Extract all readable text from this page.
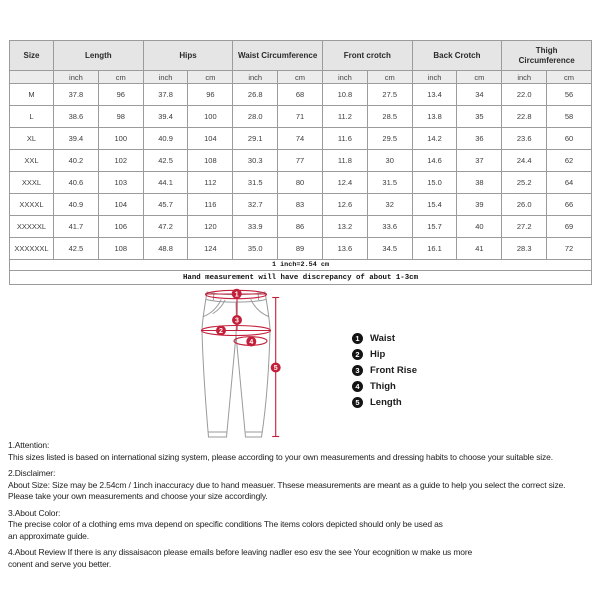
Size	Length		Hips		Waist Circumference		Front crotch		Back Crotch		Thigh Circumference	
	inch	cm	inch	cm	inch	cm	inch	cm	inch	cm	inch	cm
M	37.8	96	37.8	96	26.8	68	10.8	27.5	13.4	34	22.0	56
L	38.6	98	39.4	100	28.0	71	11.2	28.5	13.8	35	22.8	58
XL	39.4	100	40.9	104	29.1	74	11.6	29.5	14.2	36	23.6	60
XXL	40.2	102	42.5	108	30.3	77	11.8	30	14.6	37	24.4	62
XXXL	40.6	103	44.1	112	31.5	80	12.4	31.5	15.0	38	25.2	64
XXXXL	40.9	104	45.7	116	32.7	83	12.6	32	15.4	39	26.0	66
XXXXXL	41.7	106	47.2	120	33.9	86	13.2	33.6	15.7	40	27.2	69
XXXXXXL	42.5	108	48.8	124	35.0	89	13.6	34.5	16.1	41	28.3	72
1 inch=2.54 cm												
Hand measurement will have discrepancy of about 1-3cm												
1
2
3
4
5
1	Waist
2	Hip
3	Front Rise
4	Thigh
5	Length
1.Attention:
This sizes listed is based on international sizing system, please according to your own measurements and dressing habits to choose your suitable size.
2.Disclaimer:
About Size: Size may be 2.54cm / 1inch inaccuracy due to hand measuer. Thsese measurements are meant as a guide to help you select the correct size.
Please take your own measurements and choose your size accordingly.
3.About Color:
The precise color of a clothing ems mva depend on specific conditions The items colors depicted should only be used as
an approximate guide.
4.About Review If there is any dissaisacon please emails before leaving nadler eso esv the see Your ecognition w make us more
conent and serve you better.
